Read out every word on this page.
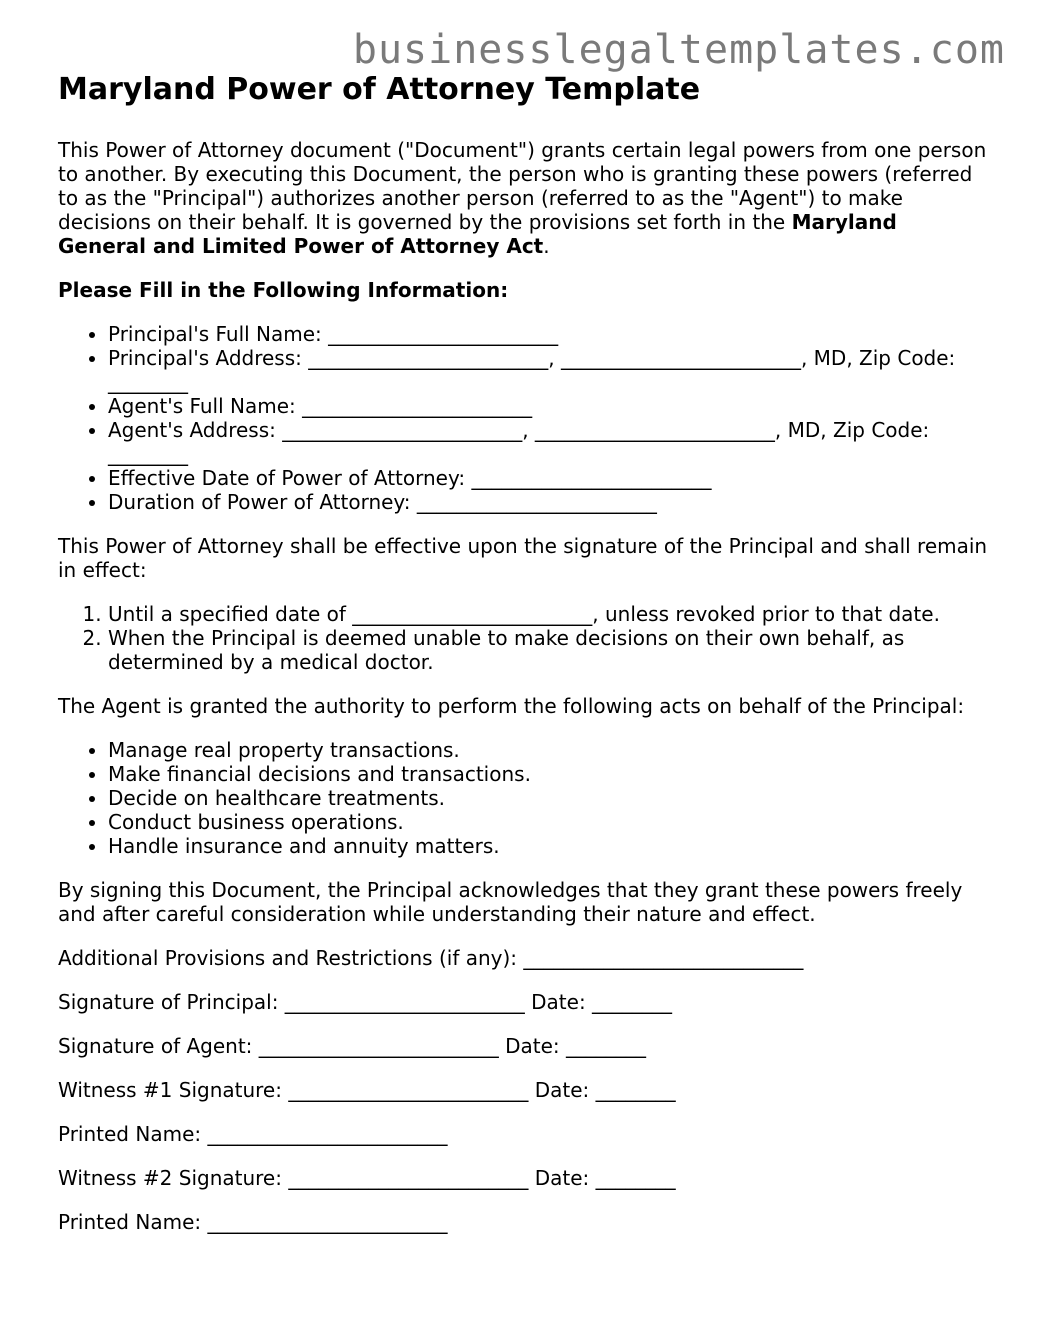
businesslegaltemplates.com
Maryland Power of Attorney Template

This Power of Attorney document ("Document") grants certain legal powers from one person to another. By executing this Document, the person who is granting these powers (referred to as the "Principal") authorizes another person (referred to as the "Agent") to make decisions on their behalf. It is governed by the provisions set forth in the Maryland General and Limited Power of Attorney Act.

Please Fill in the Following Information:

• Principal's Full Name: _______________________
• Principal's Address: ________________________, ________________________, MD, Zip Code: ________
• Agent's Full Name: _______________________
• Agent's Address: ________________________, ________________________, MD, Zip Code: ________
• Effective Date of Power of Attorney: ________________________
• Duration of Power of Attorney: ________________________

This Power of Attorney shall be effective upon the signature of the Principal and shall remain in effect:

1. Until a specified date of ________________________, unless revoked prior to that date.
2. When the Principal is deemed unable to make decisions on their own behalf, as determined by a medical doctor.

The Agent is granted the authority to perform the following acts on behalf of the Principal:

• Manage real property transactions.
• Make financial decisions and transactions.
• Decide on healthcare treatments.
• Conduct business operations.
• Handle insurance and annuity matters.

By signing this Document, the Principal acknowledges that they grant these powers freely and after careful consideration while understanding their nature and effect.

Additional Provisions and Restrictions (if any): ____________________________
Signature of Principal: ________________________ Date: ________
Signature of Agent: ________________________ Date: ________
Witness #1 Signature: ________________________ Date: ________
Printed Name: ________________________
Witness #2 Signature: ________________________ Date: ________
Printed Name: ________________________
